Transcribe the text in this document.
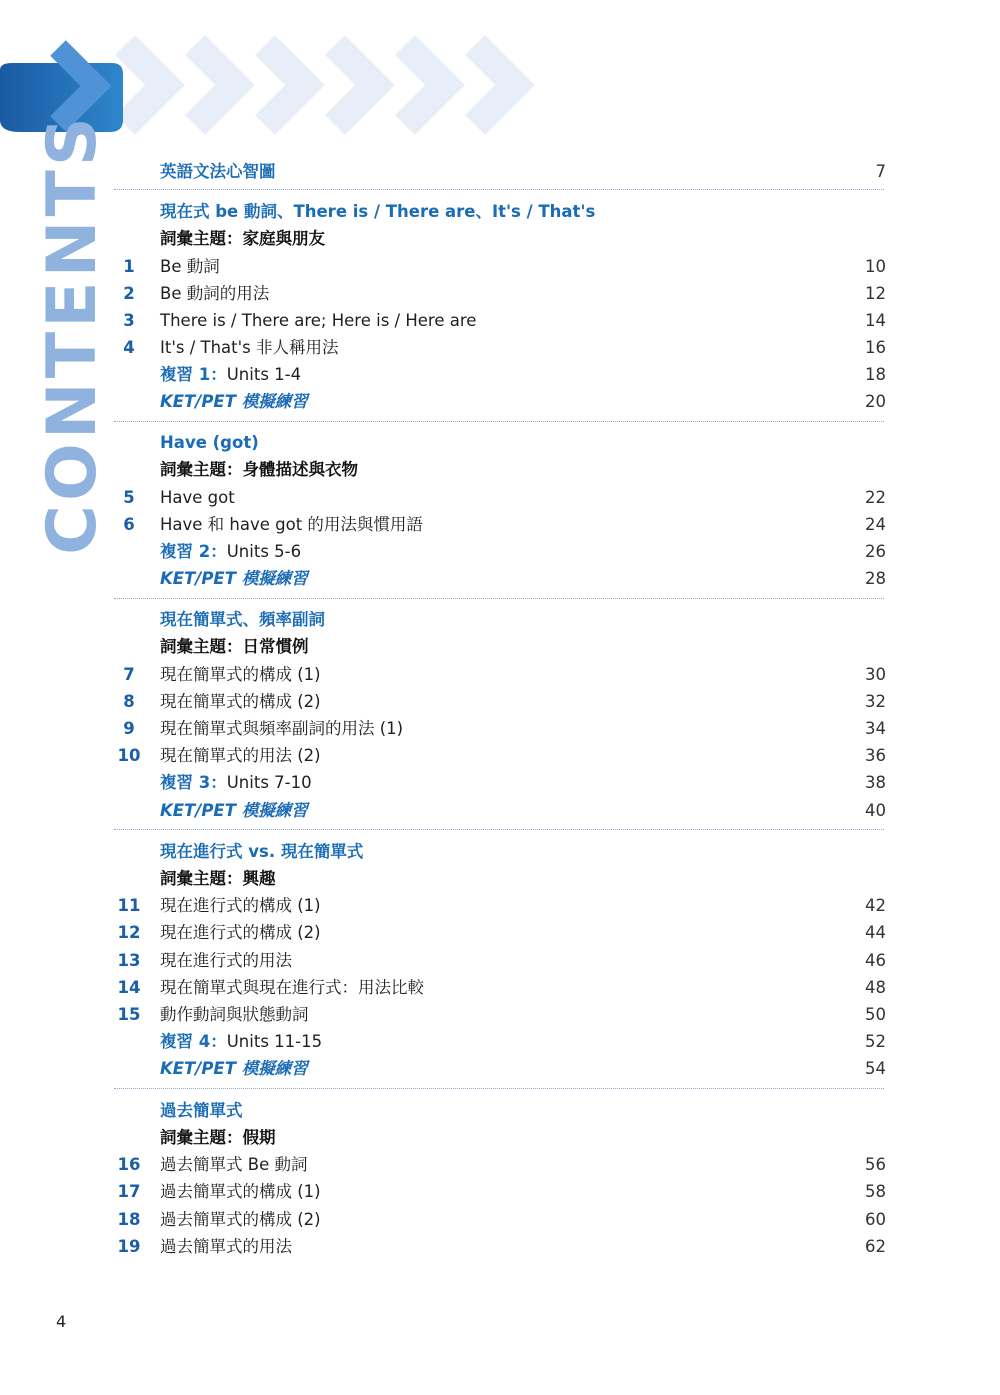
CONTENTS	英語文法心智圖	7
現在式 be 動詞、There is / There are、It's / That's
詞彙主題：家庭與朋友
1	Be 動詞	10
2	Be 動詞的用法	12
3	There is / There are; Here is / Here are	14
4	It's / That's 非人稱用法	16
複習 1：Units 1-4	18
KET/PET 模擬練習	20
Have (got)
詞彙主題：身體描述與衣物
5	Have got	22
6	Have 和 have got 的用法與慣用語	24
複習 2：Units 5-6	26
KET/PET 模擬練習	28
現在簡單式、頻率副詞
詞彙主題：日常慣例
7	現在簡單式的構成 (1)	30
8	現在簡單式的構成 (2)	32
9	現在簡單式與頻率副詞的用法 (1)	34
10	現在簡單式的用法 (2)	36
複習 3：Units 7-10	38
KET/PET 模擬練習	40
現在進行式 vs. 現在簡單式
詞彙主題：興趣
11	現在進行式的構成 (1)	42
12	現在進行式的構成 (2)	44
13	現在進行式的用法	46
14	現在簡單式與現在進行式：用法比較	48
15	動作動詞與狀態動詞	50
複習 4：Units 11-15	52
KET/PET 模擬練習	54
過去簡單式
詞彙主題：假期
16	過去簡單式 Be 動詞	56
17	過去簡單式的構成 (1)	58
18	過去簡單式的構成 (2)	60
19	過去簡單式的用法	62
4
